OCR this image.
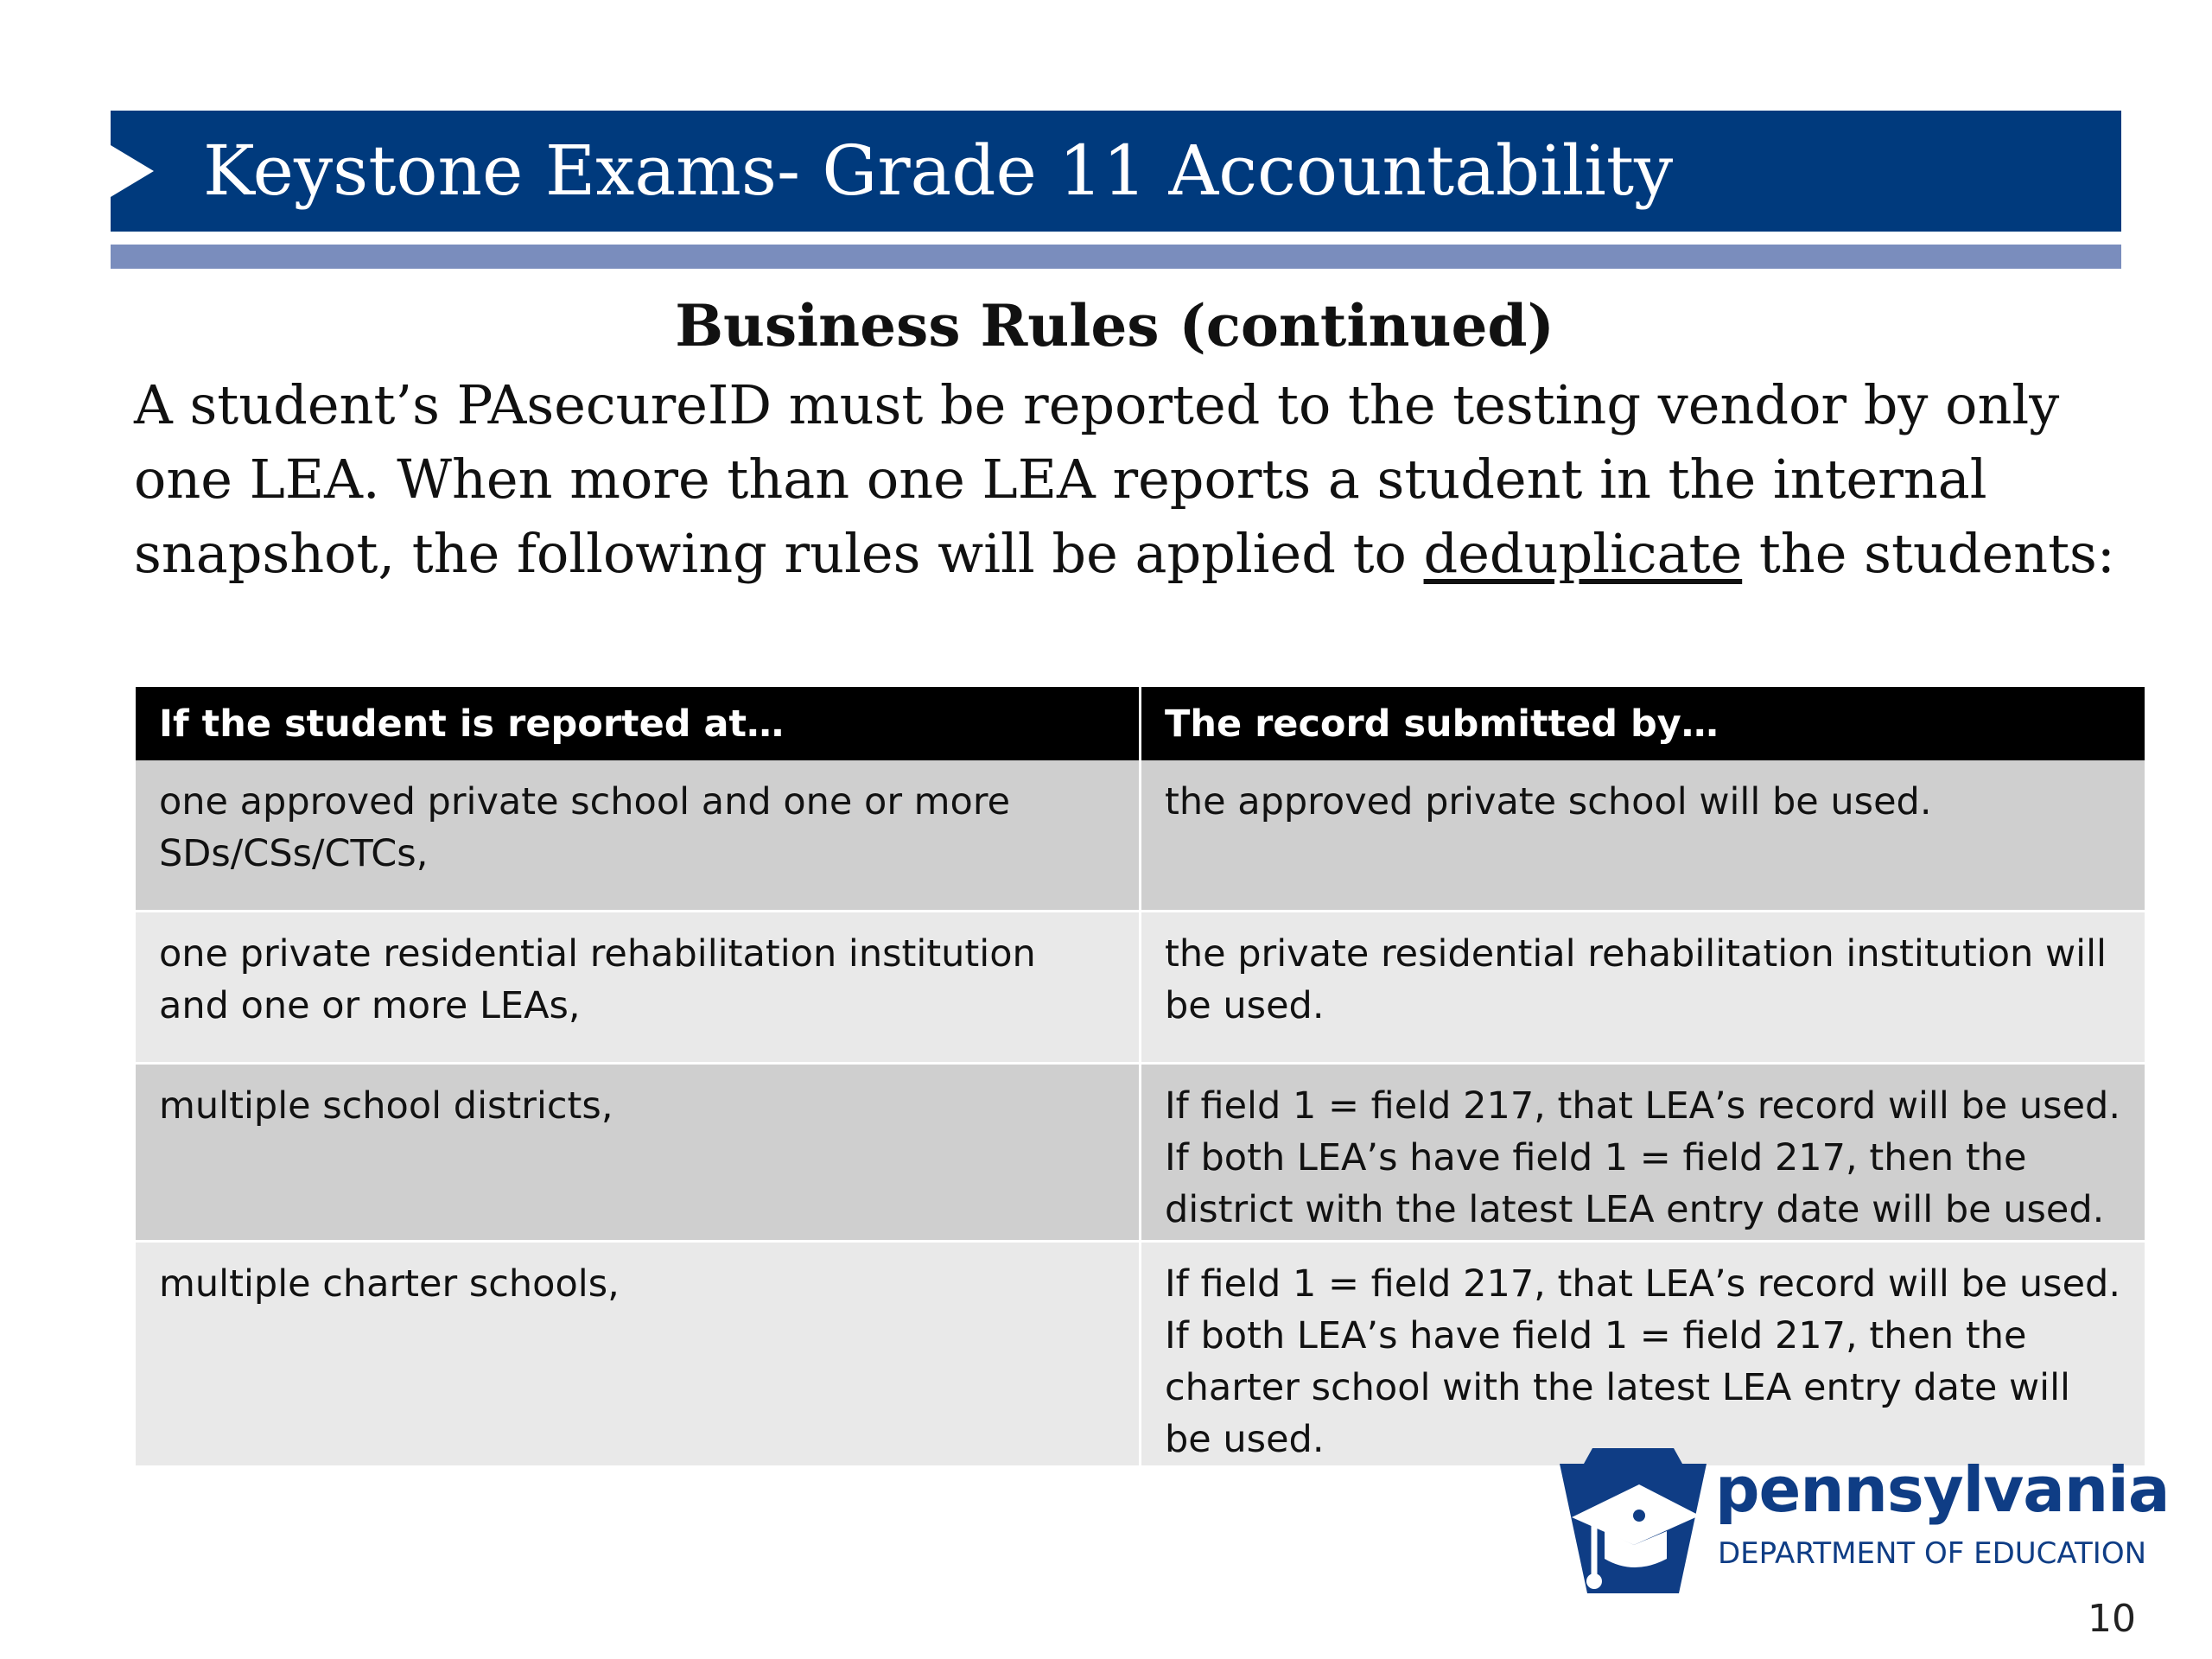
Keystone Exams- Grade 11 Accountability
Business Rules (continued)
A student’s PAsecureID must be reported to the testing vendor by only one LEA. When more than one LEA reports a student in the internal snapshot, the following rules will be applied to deduplicate the students:
If the student is reported at…	The record submitted by…
one approved private school and one or more SDs/CSs/CTCs,	the approved private school will be used.
one private residential rehabilitation institution and one or more LEAs,	the private residential rehabilitation institution will be used.
multiple school districts,	If field 1 = field 217, that LEA’s record will be used. If both LEA’s have field 1 = field 217, then the district with the latest LEA entry date will be used.
multiple charter schools,	If field 1 = field 217, that LEA’s record will be used. If both LEA’s have field 1 = field 217, then the charter school with the latest LEA entry date will be used.
pennsylvania
DEPARTMENT OF EDUCATION
10
